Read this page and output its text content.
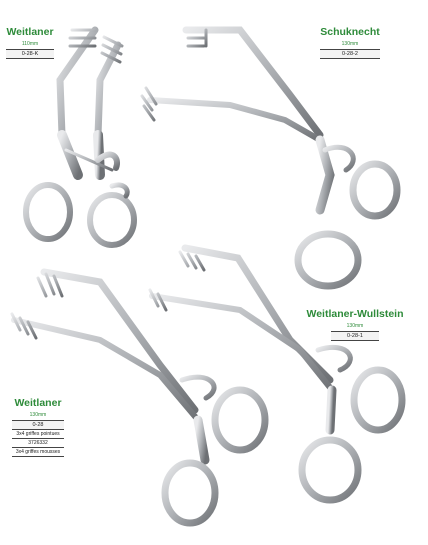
Weitlaner
110mm
0-28-K
Schuknecht
130mm
0-28-2
Weitlaner-Wullstein
130mm
0-28-1
Weitlaner
130mm
0-28
3x4 griffes pointues
3726332
3x4 griffes mousses
